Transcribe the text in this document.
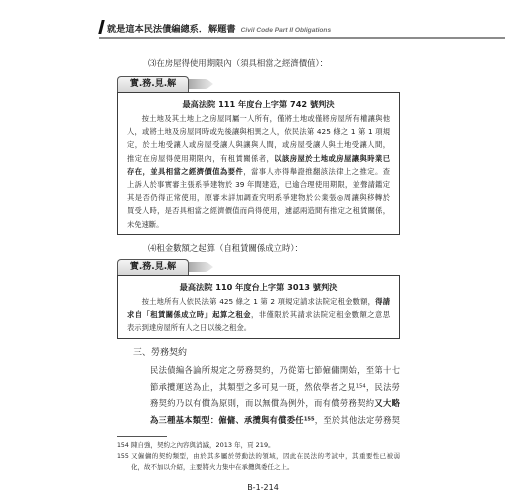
就是這本民法債編總系．解題書 Civil Code Part II Obligations
⑶在房屋得使用期限內（須具相當之經濟價值）：
實.務.見.解
最高法院 111 年度台上字第 742 號判決
按土地及其土地上之房屋同屬一人所有，僅將土地或僅將房屋所有權讓與他
人，或將土地及房屋同時或先後讓與相異之人，依民法第 425 條之 1 第 1 項規
定，於土地受讓人或房屋受讓人與讓與人間，或房屋受讓人與土地受讓人間，
推定在房屋得使用期限內，有租賃關係者，以該房屋於土地或房屋讓與時業已
存在，並具相當之經濟價值為要件，當事人亦得舉證推翻該法律上之推定。查
上訴人於事實審主張系爭建物於 39 年間建造，已逾合理使用期限，並聲請鑑定
其是否仍得正常使用，原審未詳加調查究明系爭建物於公業張◎周讓與移轉於
買受人時，是否具相當之經濟價值而尚得使用，遽認兩造間有推定之租賃關係，
未免速斷。
⑷租金數額之起算（自租賃關係成立時）：
實.務.見.解
最高法院 110 年度台上字第 3013 號判決
按土地所有人依民法第 425 條之 1 第 2 項規定請求法院定租金數額，得請
求自「租賃關係成立時」起算之租金，非僅限於其請求法院定租金數額之意思
表示到達房屋所有人之日以後之租金。
三、勞務契約
民法債編各論所規定之勞務契約，乃從第七節僱傭開始，至第十七
節承攬運送為止，其類型之多可見一斑，然依學者之見$^{154}$，民法勞
務契約乃以有償為原則，而以無償為例外，而有償勞務契約又大略
為三種基本類型：僱傭、承攬與有償委任$^{155}$，至於其他法定勞務契
154 陳自強，契約之內容與消滅，2013 年，頁 219。
155 又僱傭的契約類型，由於其多屬於勞動法的領域，因此在民法的考試中，其重要性已被弱
化，故不加以介紹，主要將火力集中在承攬與委任之上。
B-1-214
